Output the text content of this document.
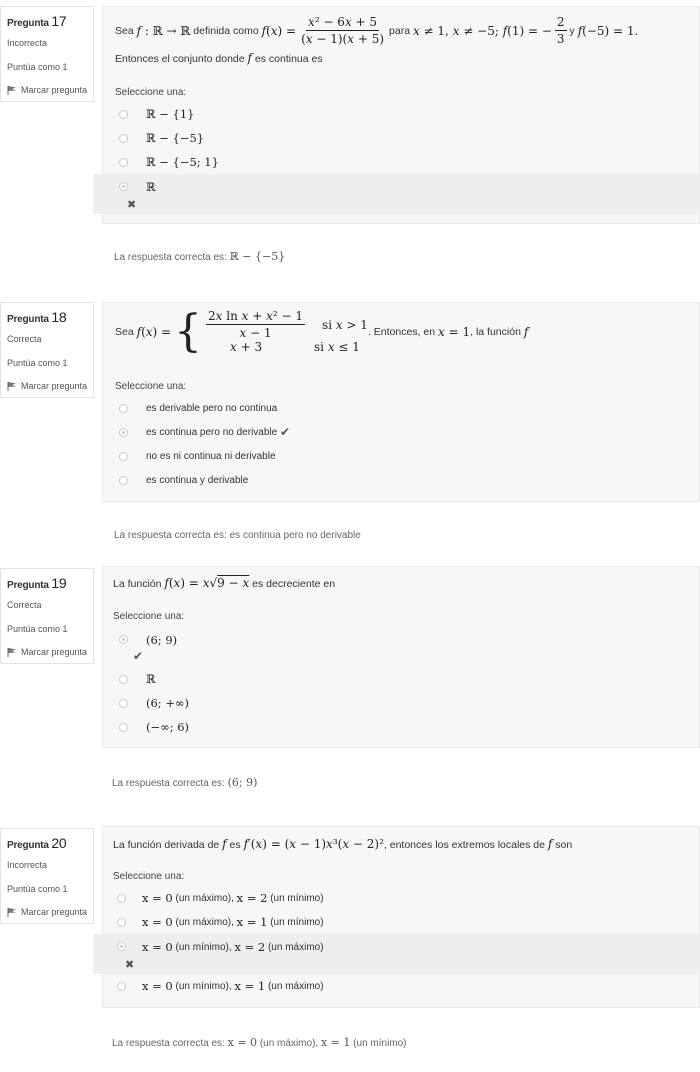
Pregunta 17
Incorrecta
Puntúa como 1
Marcar pregunta
Sea
f : ℝ → ℝ
definida como
f ( x ) = $\frac{\text{x² − 6x + 5}}{(x - 1)(x + 5)}$ para
x ≠ 1, x ≠ −5; f(1) = − $\frac{2}{3}$ y
f(−5) = 1.
Entonces el conjunto donde f es continua es
Seleccione una:
ℝ − {1}
ℝ − {−5}
ℝ − {−5; 1}
ℝ
✖
La respuesta correcta es: ℝ − {−5}
Pregunta 18
Correcta
Puntúa como 1
Marcar pregunta
Sea
f(x) =
{ $\frac{\text{2x ln x + x² − 1}}{x - 1}$ si x > 1
x + 3	si x ≤ 1
. Entonces, en
x = 1 , la función
f
Seleccione una:
es derivable pero no continua
es continua pero no derivable
✔
no es ni continua ni derivable
es continua y derivable
La respuesta correcta es: es continua pero no derivable
Pregunta 19
Correcta
Puntúa como 1
Marcar pregunta
La función f(x) = x√9 − x es decreciente en
Seleccione una:
(6; 9)
✔
ℝ
(6; +∞)
(−∞; 6)
La respuesta correcta es: (6; 9)
Pregunta 20
Incorrecta
Puntúa como 1
Marcar pregunta
La función derivada de f es f′(x) = (x − 1)x³(x − 2)², entonces los extremos locales de f son
Seleccione una:
x = 0
(un máximo),
x = 2
(un mínimo)
x = 0
(un máximo),
x = 1
(un mínimo)
x = 0
(un mínimo),
x = 2
(un máximo)
✖
x = 0
(un mínimo),
x = 1
(un máximo)
La respuesta correcta es: x = 0 (un máximo), x = 1 (un mínimo)
